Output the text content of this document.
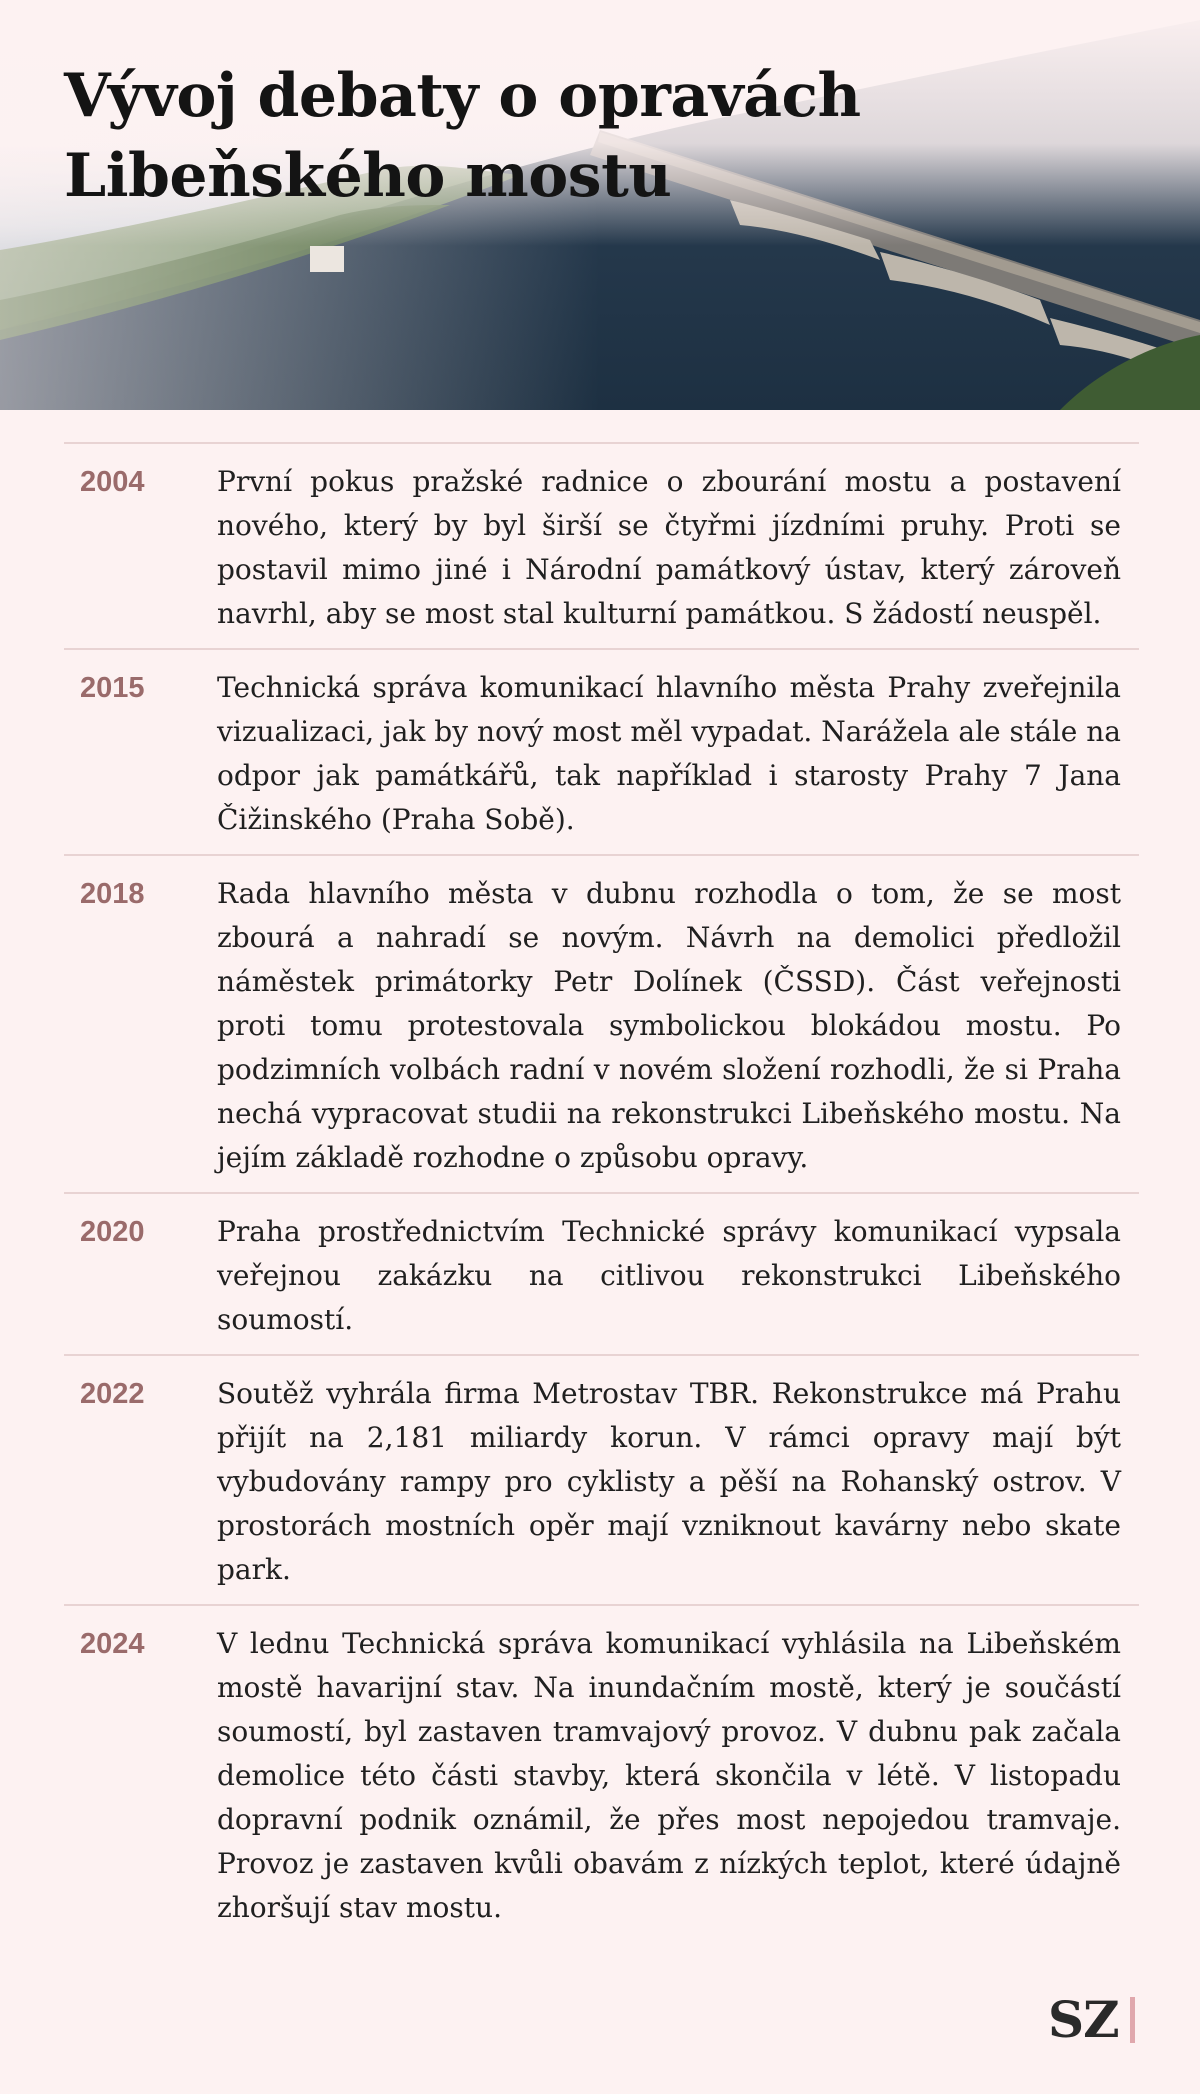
Vývoj debaty o opravách
Libeňského mostu
2004	První pokus pražské radnice o zbourání mostu a postavení nového, který by byl širší se čtyřmi jízdními pruhy. Proti se postavil mimo jiné i Národní památkový ústav, který zároveň navrhl, aby se most stal kulturní památkou. S žádostí neuspěl.
2015	Technická správa komunikací hlavního města Prahy zveřejnila vizualizaci, jak by nový most měl vypadat. Narážela ale stále na odpor jak památkářů, tak například i starosty Prahy 7 Jana Čižinského (Praha Sobě).
2018	Rada hlavního města v dubnu rozhodla o tom, že se most zbourá a nahradí se novým. Návrh na demolici předložil náměstek primátorky Petr Dolínek (ČSSD). Část veřejnosti proti tomu protestovala symbolickou blokádou mostu. Po podzimních volbách radní v novém složení rozhodli, že si Praha nechá vypracovat studii na rekonstrukci Libeňského mostu. Na jejím základě rozhodne o způsobu opravy.
2020	Praha prostřednictvím Technické správy komunikací vypsala veřejnou zakázku na citlivou rekonstrukci Libeňského soumostí.
2022	Soutěž vyhrála firma Metrostav TBR. Rekonstrukce má Prahu přijít na 2,181 miliardy korun. V rámci opravy mají být vybudovány rampy pro cyklisty a pěší na Rohanský ostrov. V prostorách mostních opěr mají vzniknout kavárny nebo skate park.
2024	V lednu Technická správa komunikací vyhlásila na Libeňském mostě havarijní stav. Na inundačním mostě, který je součástí soumostí, byl zastaven tramvajový provoz. V dubnu pak začala demolice této části stavby, která skončila v létě. V listopadu dopravní podnik oznámil, že přes most nepojedou tramvaje. Provoz je zastaven kvůli obavám z nízkých teplot, které údajně zhoršují stav mostu.
SZ
